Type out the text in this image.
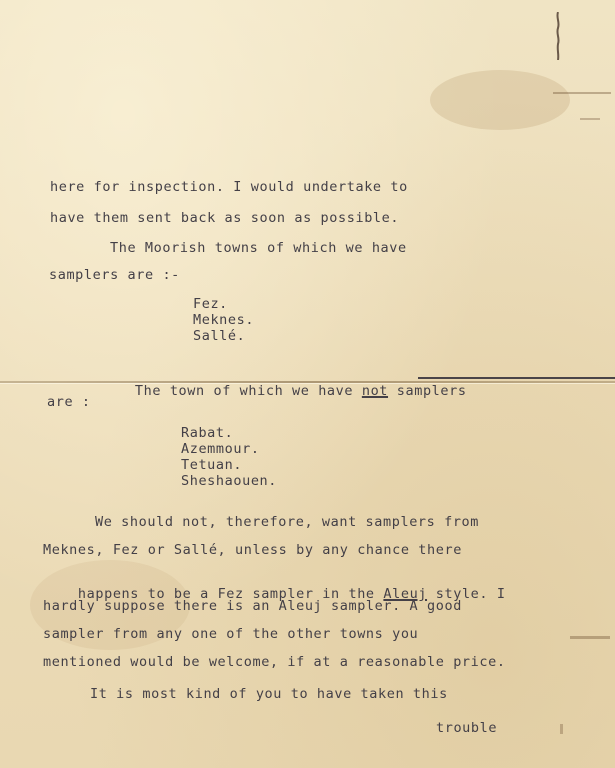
here for inspection. I would undertake to
have them sent back as soon as possible.
The Moorish towns of which we have
samplers are :-
Fez.
Meknes.
Sallé.

The town of which we have not samplers

are :
Rabat.
Azemmour.
Tetuan.
Sheshaouen.
We should not, therefore, want samplers from
Meknes, Fez or Sallé, unless by any chance there

happens to be a Fez sampler in the Aleuj style. I

hardly suppose there is an Aleuj sampler. A good
sampler from any one of the other towns you
mentioned would be welcome, if at a reasonable price.
It is most kind of you to have taken this
trouble
